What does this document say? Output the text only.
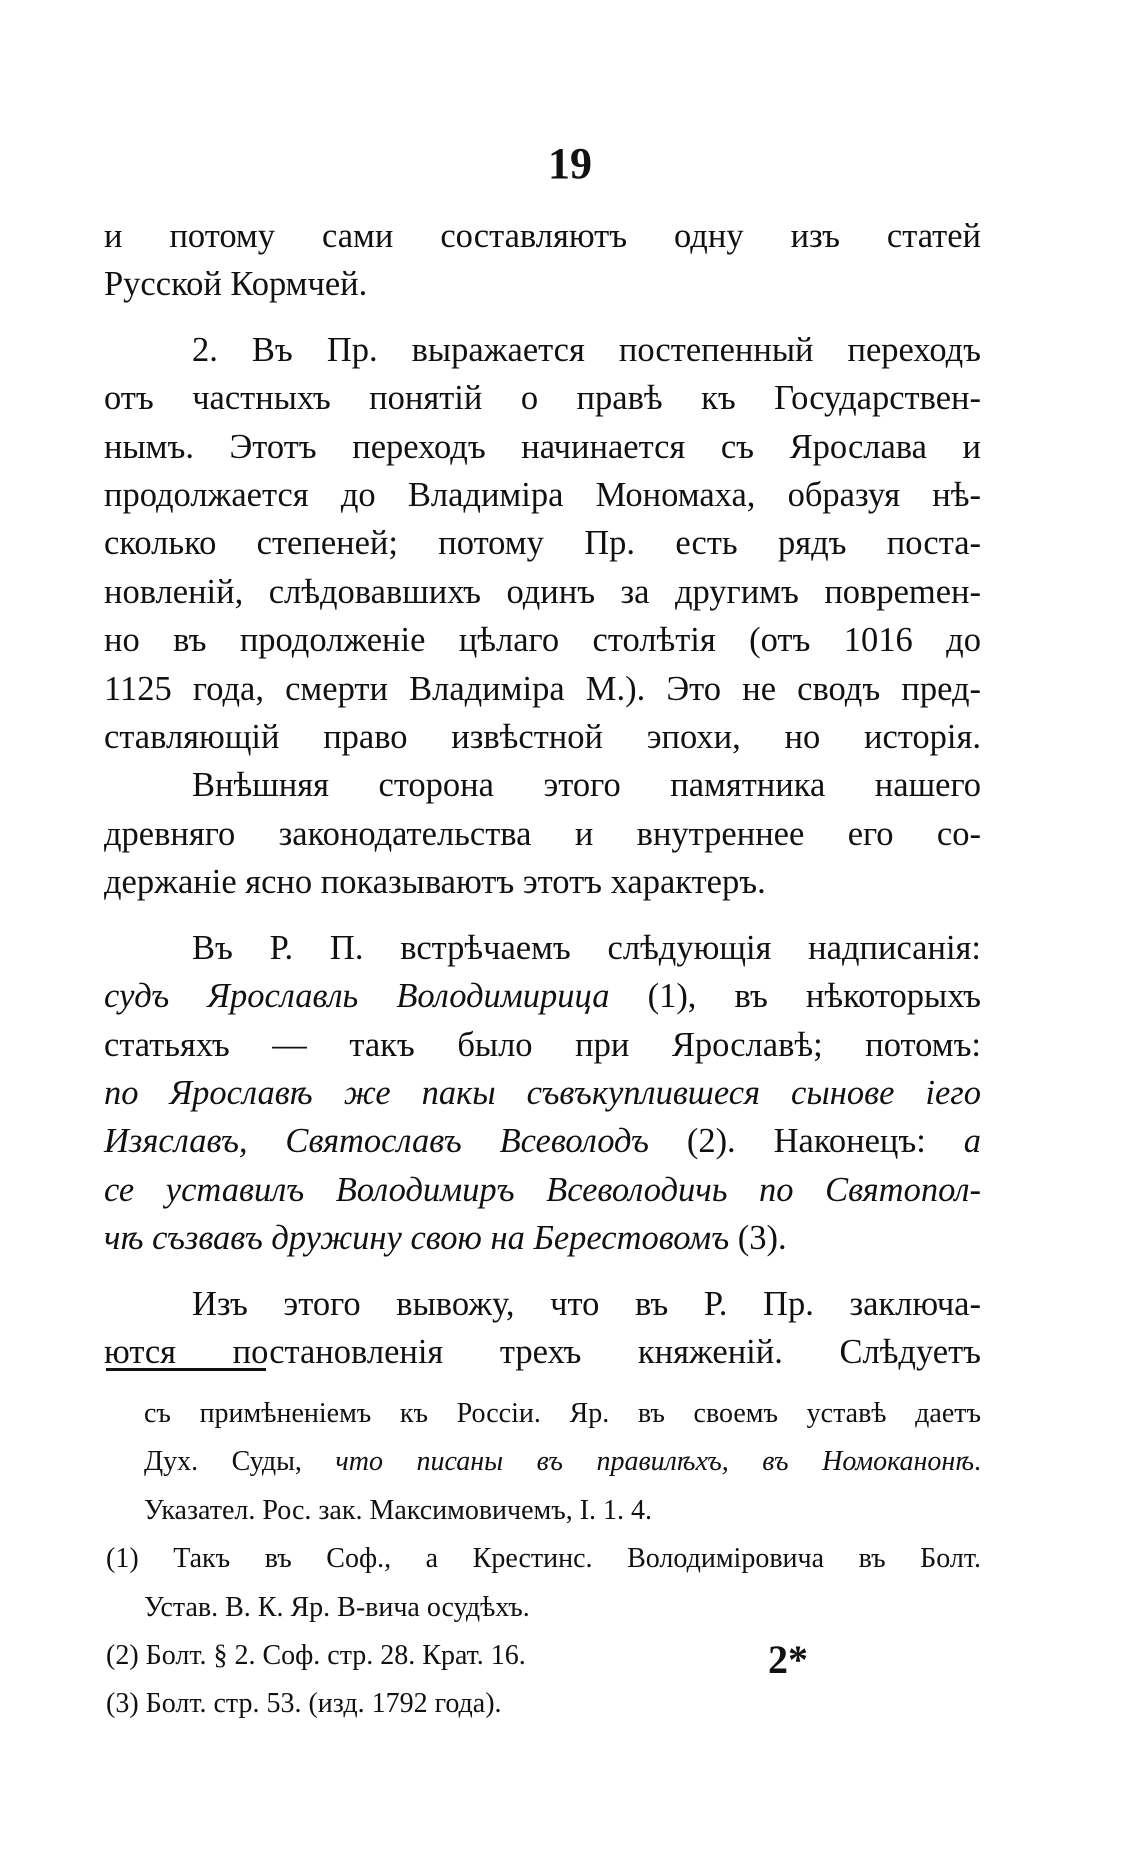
19
и потому сами составляютъ одну изъ статей
Русской Кормчей.
2. Въ Пр. выражается постепенный переходъ
отъ частныхъ понятій о правѣ къ Государствен-
нымъ. Этотъ переходъ начинается съ Ярослава и
продолжается до Владиміра Мономаха, образуя нѣ-
сколько степеней; потому Пр. есть рядъ поста-
новленій, слѣдовавшихъ одинъ за другимъ поврemен-
но въ продолженіе цѣлаго столѣтія (отъ 1016 до
1125 года, смерти Владиміра М.). Это не сводъ пред-
ставляющій право извѣстной эпохи, но исторія.
Внѣшняя сторона этого памятника нашего
древняго законодательства и внутреннее его со-
держаніе ясно показываютъ этотъ характеръ.
Въ Р. П. встрѣчаемъ слѣдующія надписанія:
судъ Ярославль Володимирица (1), въ нѣкоторыхъ
статьяхъ — такъ было при Ярославѣ; потомъ:
по Ярославѣ же пакы съвъкуплившеся сынове іего
Изяславъ, Святославъ Всеволодъ (2). Наконецъ: а
се уставилъ Володимиръ Всеволодичь по Святопол-
чѣ съзвавъ дружину свою на Берестовомъ (3).
Изъ этого вывожу, что въ Р. Пр. заключа-
ются постановленія трехъ княженій. Слѣдуетъ
съ примѣненіемъ къ Россіи. Яр. въ своемъ уставѣ даетъ
Дух. Суды, что писаны въ правилѣхъ, въ Номоканонѣ.
Указател. Рос. зак. Максимовичемъ, I. 1. 4.
(1) Такъ въ Соф., а Крестинс. Володиміровича въ Болт.
Устав. В. К. Яр. В-вича осудѣхъ.
(2) Болт. § 2. Соф. стр. 28. Крат. 16.
(3) Болт. стр. 53. (изд. 1792 года).
2*
